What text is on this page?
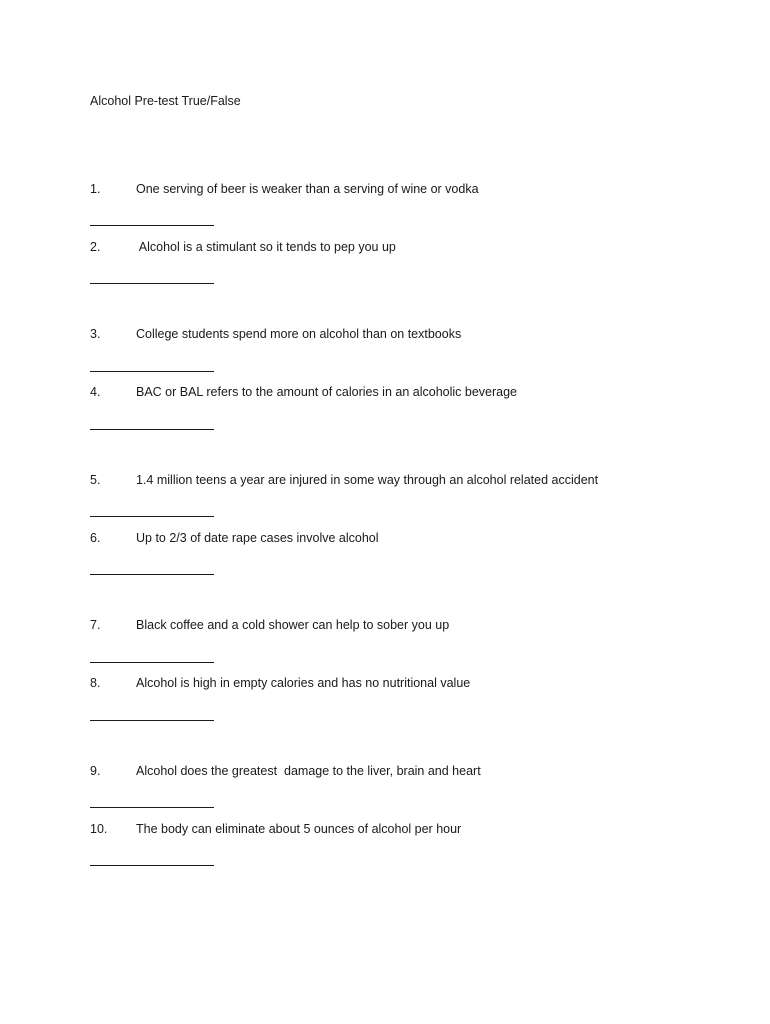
Alcohol Pre-test True/False
1.	One serving of beer is weaker than a serving of wine or vodka
2.	Alcohol is a stimulant so it tends to pep you up
3.	College students spend more on alcohol than on textbooks
4.	BAC or BAL refers to the amount of calories in an alcoholic beverage
5.	1.4 million teens a year are injured in some way through an alcohol related accident
6.	Up to 2/3 of date rape cases involve alcohol
7.	Black coffee and a cold shower can help to sober you up
8.	Alcohol is high in empty calories and has no nutritional value
9.	Alcohol does the greatest  damage to the liver, brain and heart
10. The body can eliminate about 5 ounces of alcohol per hour
